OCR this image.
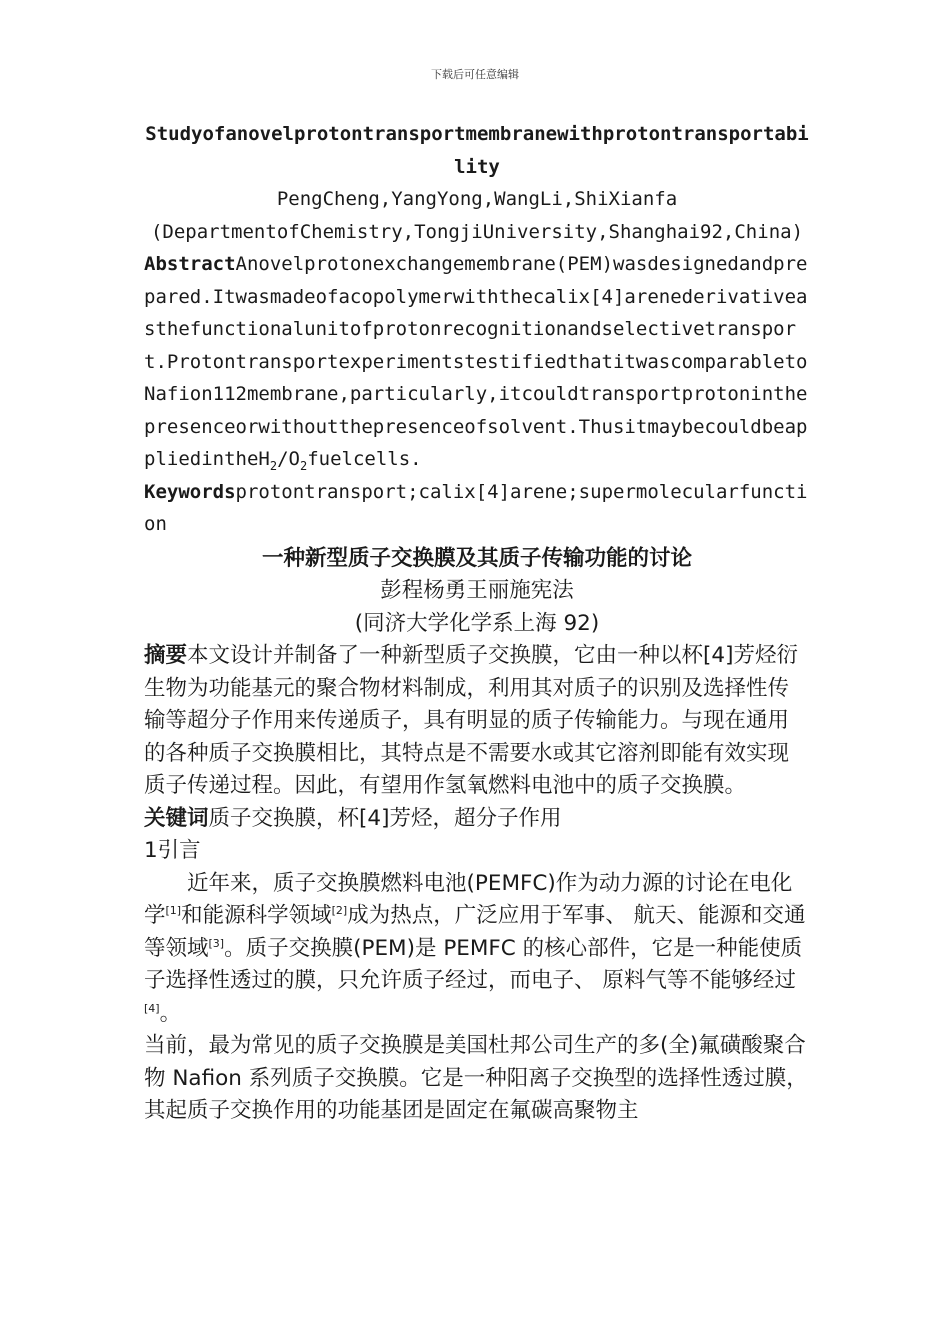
下载后可任意编辑

Studyofanovelprotontransportmembranewithprotontransportability

PengCheng,YangYong,WangLi,ShiXianfa

(DepartmentofChemistry,TongjiUniversity,Shanghai92,China)

AbstractAnovelprotonexchangemembrane(PEM)wasdesignedandprepared.Itwasmadeofacopolymerwiththecalix[4]arenederivativeasthefunctionalunitofprotonrecognitionandselectivetransport.ProtontransportexperimentstestifiedthatitwascomparabletoNafion112membrane,particularly,itcouldtransportprotoninthepresenceorwithoutthepresenceofsolvent.ThusitmaybecouldbeappliedintheH$_2$/$O_2fuelcells$.

Keywordsprotontransport;calix[4]arene;supermolecularfunction

一种新型质子交换膜及其质子传输功能的讨论

彭程杨勇王丽施宪法

(同济大学化学系上海 92)

摘要本文设计并制备了一种新型质子交换膜，它由一种以杯[4]芳烃衍生物为功能基元的聚合物材料制成，利用其对质子的识别及选择性传输等超分子作用来传递质子，具有明显的质子传输能力。与现在通用的各种质子交换膜相比，其特点是不需要水或其它溶剂即能有效实现质子传递过程。因此，有望用作氢氧燃料电池中的质子交换膜。

关键词质子交换膜，杯[4]芳烃，超分子作用

1引言

近年来，质子交换膜燃料电池(PEMFC)作为动力源的讨论在电化学[1]和能源科学领域[2]成为热点，广泛应用于军事、 航天、能源和交通等领域[3]。质子交换膜(PEM)是 PEMFC 的核心部件，它是一种能使质子选择性透过的膜，只允许质子经过，而电子、 原料气等不能够经过[4]。

当前，最为常见的质子交换膜是美国杜邦公司生产的多(全)氟磺酸聚合物 Nafion 系列质子交换膜。它是一种阳离子交换型的选择性透过膜，其起质子交换作用的功能基团是固定在氟碳高聚物主
